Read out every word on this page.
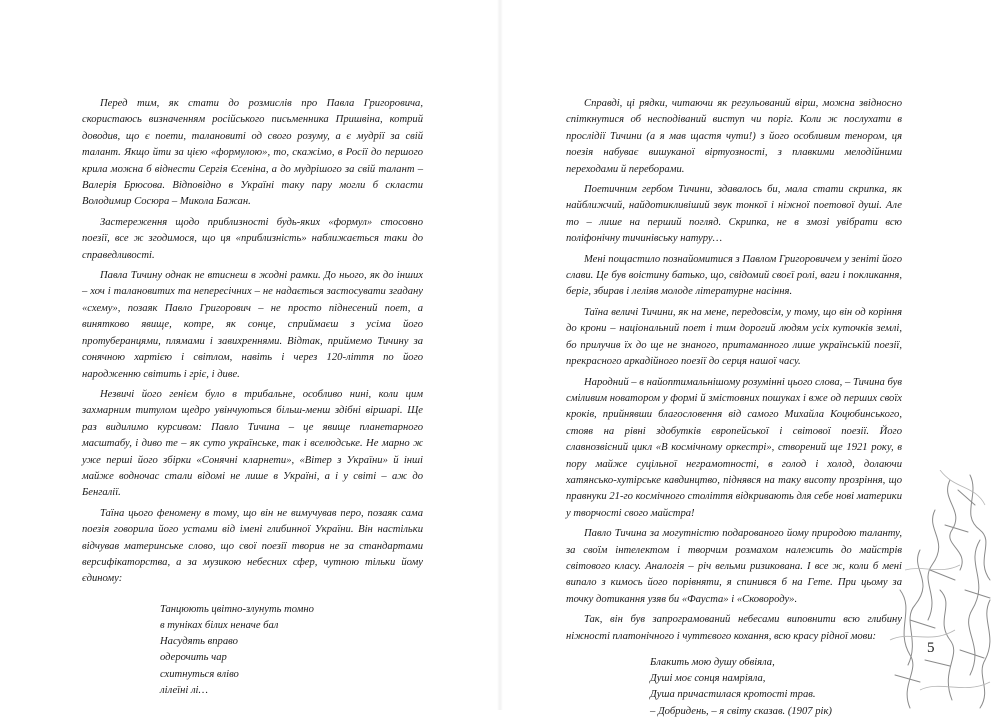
Перед тим, як стати до розмислів про Павла Григоровича, скористаюсь визначенням російського письменника Пришвіна, котрий доводив, що є поети, талановиті од свого розуму, а є мудрії за свій талант. Якщо йти за цією «формулою», то, скажімо, в Росії до першого крила можна б віднести Сергія Єсеніна, а до мудрішого за свій талант – Валерія Брюсова. Відповідно в Україні таку пару могли б скласти Володимир Сосюра – Микола Бажан.

Застереження щодо приблизності будь-яких «формул» стосовно поезії, все ж згодимося, що ця «приблизність» наближається таки до справедливості.

Павла Тичину однак не втиснеш в жодні рамки. До нього, як до інших – хоч і талановитих та непересічних – не надається застосувати згадану «схему», позаяк Павло Григорович – не просто піднесений поет, а винятково явище, котре, як сонце, сприймаєш з усіма його протуберанцями, плямами і завихреннями. Відтак, приймемо Тичину за сонячною хартією і світлом, навіть і через 120-ліття по його народженню світить і гріє, і диве.

Незвичі його генієм було в трибальне, особливо нині, коли цим захмарним титулом щедро увінчуються більш-менш здібні віршарі. Ще раз видилимо курсивом: Павло Тичина – це явище планетарного масштабу, і диво те – як суто українське, так і вселюдське. Не марно ж уже перші його збірки «Сонячні кларнети», «Вітер з України» й інші майже водночас стали відомі не лише в Україні, а і у світі – аж до Бенгалії.

Таїна цього феномену в тому, що він не вимучував перо, позаяк сама поезія говорила його устами від імені глибинної України. Він настільки відчував материнське слово, що свої поезії творив не за стандартами версифікаторства, а за музикою небесних сфер, чутною тільки йому єдиному:

Танцюють цвітно-злунуть томно
в туніках білих неначе бал
Насудять вправо
одерочить чар
схитнуться вліво
лілеїні лі…

Справді, ці рядки, читаючи як регульований вірш, можна звідносно спіткнутися об несподіваний виступ чи поріг. Коли ж послухати в прослідії Тичини (а я мав щастя чути!) з його особливим тенором, ця поезія набуває вишуканої віртуозності, з плавкими мелодійними переходами й переборами.

Поетичним гербом Тичини, здавалось би, мала стати скрипка, як найближчий, найдотикливіший звук тонкої і ніжної поетової душі. Але то – лише на перший погляд. Скрипка, не в змозі увібрати всю поліфонічну тичинівську натуру…

Мені пощастило познайомитися з Павлом Григоровичем у зеніті його слави. Це був воістину батько, що, свідомий своєї ролі, ваги і покликання, беріг, збирав і леліяв молоде літературне насіння.

Таїна величі Тичини, як на мене, передовсім, у тому, що він од коріння до крони – національний поет і тим дорогий людям усіх куточків землі, бо прилучив їх до ще не знаного, притаманного лише українській поезії, прекрасного аркадійного поезії до серця нашої часу.

Народний – в найоптимальнішому розумінні цього слова, – Тичина був сміливим новатором у формі й змістовних пошуках і вже од перших своїх кроків, прийнявши благословення від самого Михайла Коцюбинського, стояв на рівні здобутків європейської і світової поезії. Його славнозвісний цикл «В космічному оркестрі», створений ще 1921 року, в пору майже суцільної неграмотності, в голод і холод, долаючи хатянсько-хутірське кавдинцтво, піднявся на таку висоту прозріння, що правнуки 21-го космічного століття відкривають для себе нові материки у творчості свого майстра!

Павло Тичина за могутністю подарованого йому природою таланту, за своїм інтелектом і творчим розмахом належить до майстрів світового класу. Аналогія – річ вельми ризикована. І все ж, коли б мені випало з кимось його порівняти, я спинився б на Гете. При цьому за точку дотикання узяв би «Фауста» і «Сковороду».

Так, він був запрограмований небесами виповнити всю глибину ніжності платонічного і чуттєвого кохання, всю красу рідної мови:

Блакить мою душу обвіяла,
Душі моє сонця намріяла,
Душа причастилася кротості трав.
– Добридень, – я світу сказав. (1907 рік)
5
